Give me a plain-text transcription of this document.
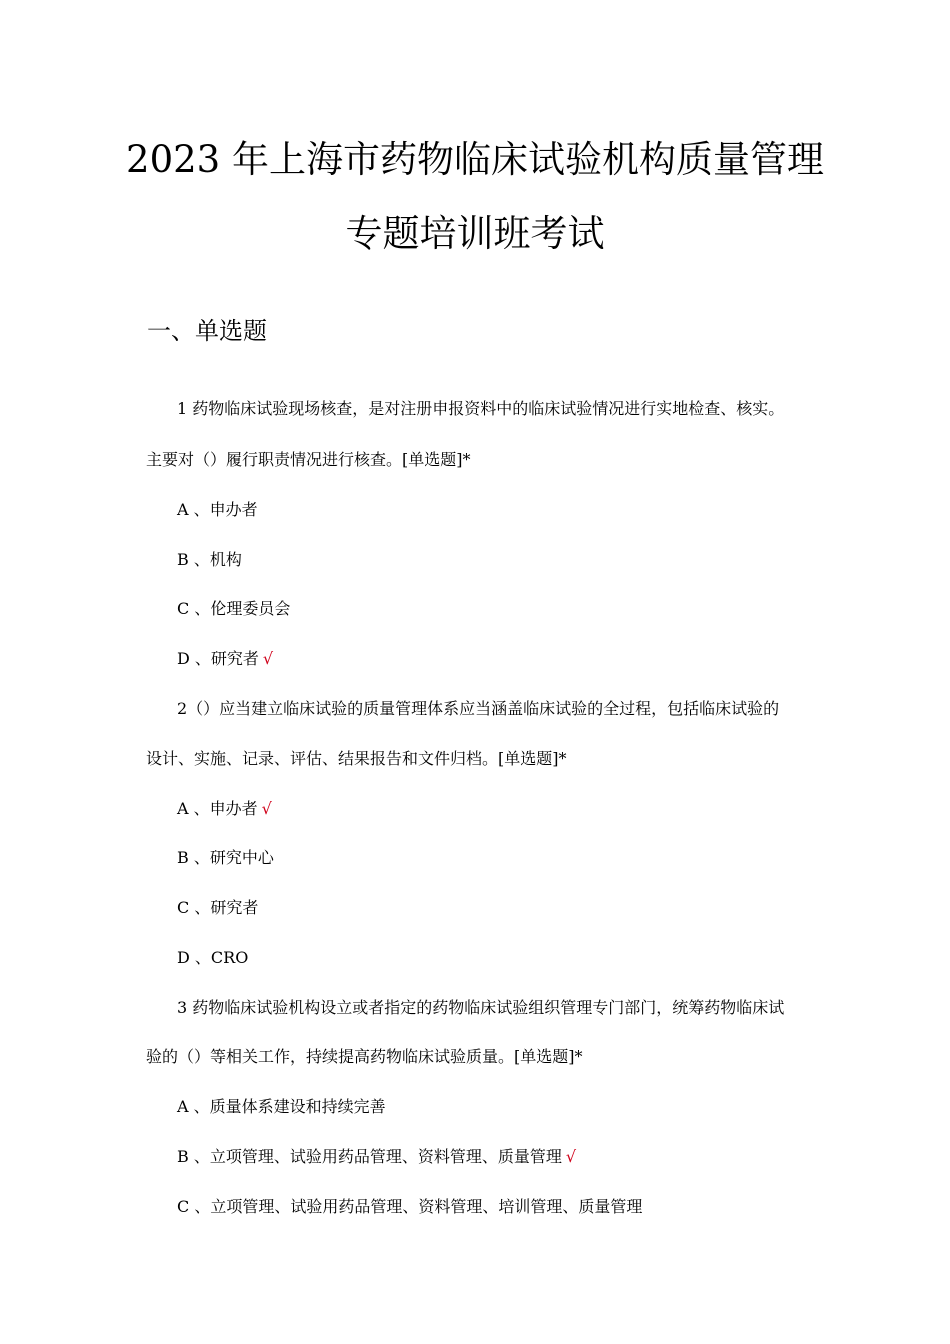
2023 年上海市药物临床试验机构质量管理
专题培训班考试
一、单选题

1 药物临床试验现场核查，是对注册申报资料中的临床试验情况进行实地检查、核实。

主要对（）履行职责情况进行核查。[单选题]*

A 、申办者

B 、机构

C 、伦理委员会

D 、研究者 √

2（）应当建立临床试验的质量管理体系应当涵盖临床试验的全过程，包括临床试验的

设计、实施、记录、评估、结果报告和文件归档。[单选题]*

A 、申办者 √

B 、研究中心

C 、研究者

D 、CRO

3 药物临床试验机构设立或者指定的药物临床试验组织管理专门部门，统筹药物临床试

验的（）等相关工作，持续提高药物临床试验质量。[单选题]*

A 、质量体系建设和持续完善

B 、立项管理、试验用药品管理、资料管理、质量管理 √

C 、立项管理、试验用药品管理、资料管理、培训管理、质量管理
